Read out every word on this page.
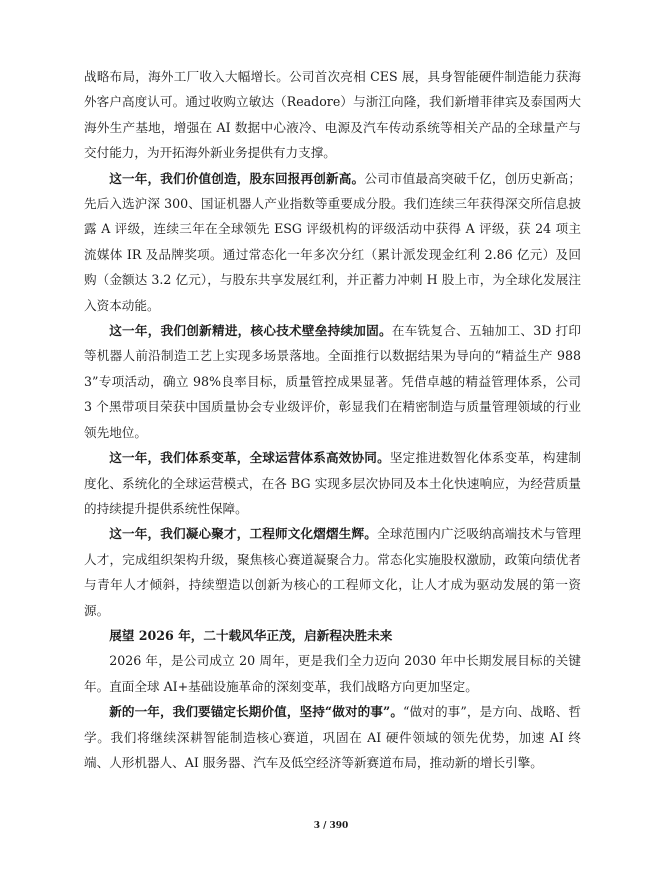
战略布局，海外工厂收入大幅增长。公司首次亮相 CES 展，具身智能硬件制造能力获海外客户高度认可。通过收购立敏达（Readore）与浙江向隆，我们新增菲律宾及泰国两大海外生产基地，增强在 AI 数据中心液冷、电源及汽车传动系统等相关产品的全球量产与交付能力，为开拓海外新业务提供有力支撑。

这一年，我们价值创造，股东回报再创新高。公司市值最高突破千亿，创历史新高；先后入选沪深 300、国证机器人产业指数等重要成分股。我们连续三年获得深交所信息披露 A 评级，连续三年在全球领先 ESG 评级机构的评级活动中获得 A 评级，获 24 项主流媒体 IR 及品牌奖项。通过常态化一年多次分红（累计派发现金红利 2.86 亿元）及回购（金额达 3.2 亿元），与股东共享发展红利，并正蓄力冲刺 H 股上市，为全球化发展注入资本动能。

这一年，我们创新精进，核心技术壁垒持续加固。在车铣复合、五轴加工、3D 打印等机器人前沿制造工艺上实现多场景落地。全面推行以数据结果为导向的“精益生产 9883”专项活动，确立 98%良率目标，质量管控成果显著。凭借卓越的精益管理体系，公司 3 个黑带项目荣获中国质量协会专业级评价，彰显我们在精密制造与质量管理领域的行业领先地位。

这一年，我们体系变革，全球运营体系高效协同。坚定推进数智化体系变革，构建制度化、系统化的全球运营模式，在各 BG 实现多层次协同及本土化快速响应，为经营质量的持续提升提供系统性保障。

这一年，我们凝心聚才，工程师文化熠熠生辉。全球范围内广泛吸纳高端技术与管理人才，完成组织架构升级，聚焦核心赛道凝聚合力。常态化实施股权激励，政策向绩优者与青年人才倾斜，持续塑造以创新为核心的工程师文化，让人才成为驱动发展的第一资源。

展望 2026 年，二十载风华正茂，启新程决胜未来

2026 年，是公司成立 20 周年，更是我们全力迈向 2030 年中长期发展目标的关键年。直面全球 AI+基础设施革命的深刻变革，我们战略方向更加坚定。

新的一年，我们要锚定长期价值，坚持“做对的事”。“做对的事”，是方向、战略、哲学。我们将继续深耕智能制造核心赛道，巩固在 AI 硬件领域的领先优势，加速 AI 终端、人形机器人、AI 服务器、汽车及低空经济等新赛道布局，推动新的增长引擎。

3 / 390
